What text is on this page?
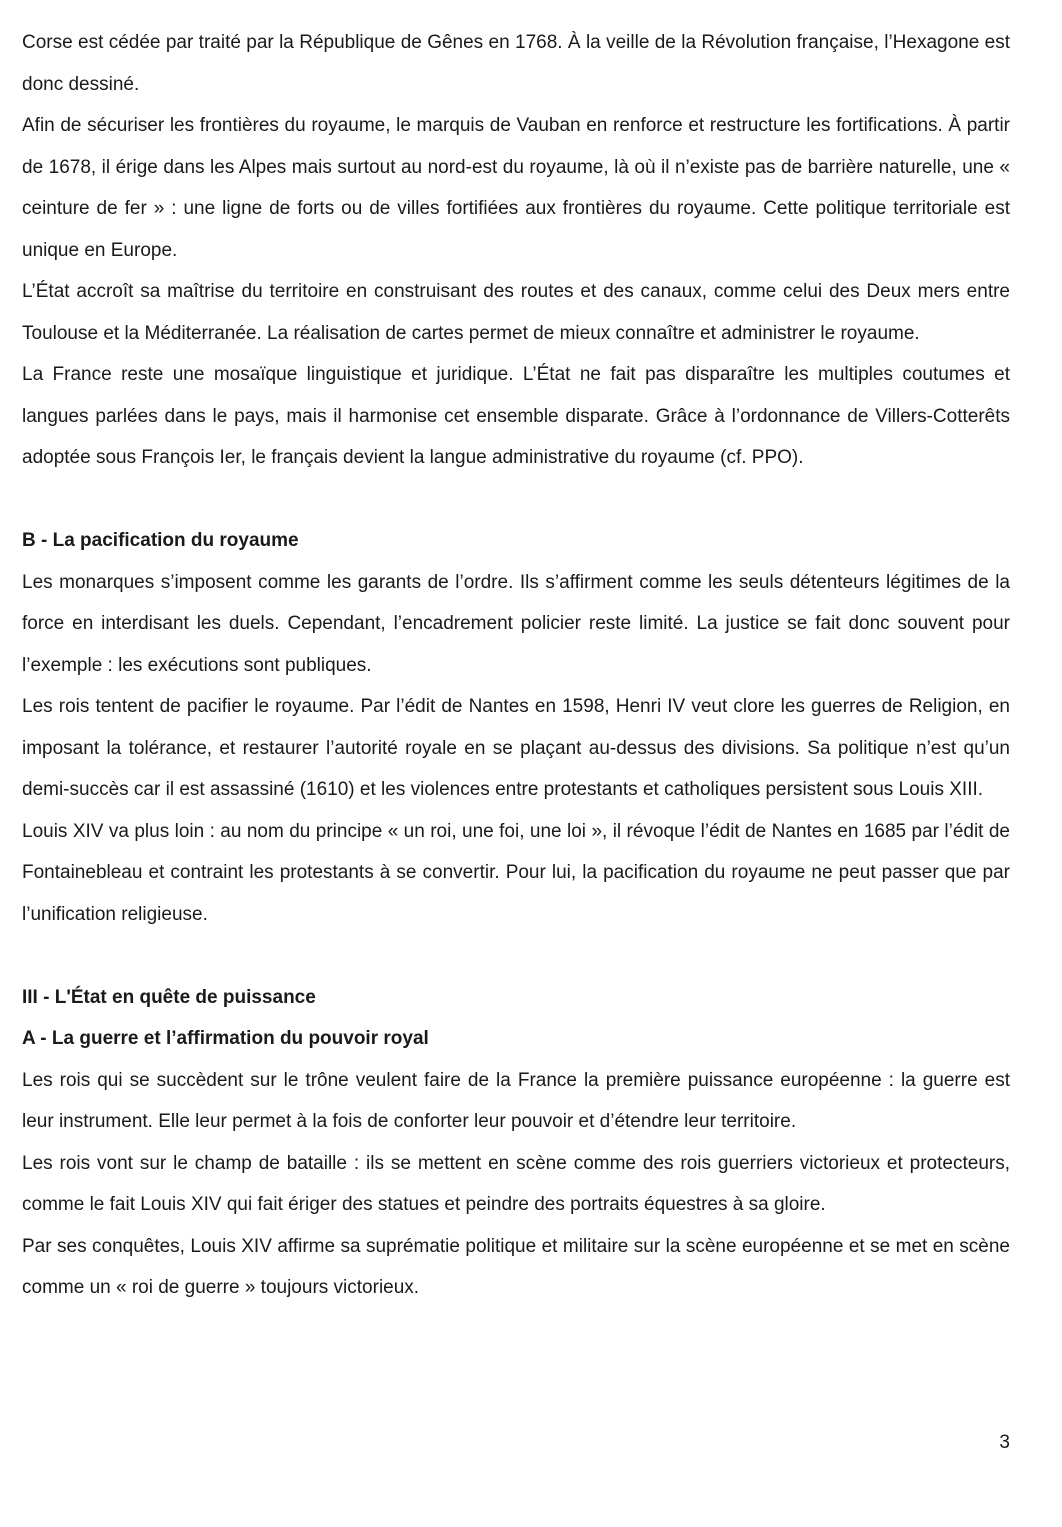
Corse est cédée par traité par la République de Gênes en 1768. À la veille de la Révolution française, l’Hexagone est donc dessiné.

Afin de sécuriser les frontières du royaume, le marquis de Vauban en renforce et restructure les fortifications. À partir de 1678, il érige dans les Alpes mais surtout au nord-est du royaume, là où il n’existe pas de barrière naturelle, une « ceinture de fer » : une ligne de forts ou de villes fortifiées aux frontières du royaume. Cette politique territoriale est unique en Europe.

L’État accroît sa maîtrise du territoire en construisant des routes et des canaux, comme celui des Deux mers entre Toulouse et la Méditerranée. La réalisation de cartes permet de mieux connaître et administrer le royaume.

La France reste une mosaïque linguistique et juridique. L’État ne fait pas disparaître les multiples coutumes et langues parlées dans le pays, mais il harmonise cet ensemble disparate. Grâce à l’ordonnance de Villers-Cotterêts adoptée sous François Ier, le français devient la langue administrative du royaume (cf. PPO).

B - La pacification du royaume

Les monarques s’imposent comme les garants de l’ordre. Ils s’affirment comme les seuls détenteurs légitimes de la force en interdisant les duels. Cependant, l’encadrement policier reste limité. La justice se fait donc souvent pour l’exemple : les exécutions sont publiques.

Les rois tentent de pacifier le royaume. Par l’édit de Nantes en 1598, Henri IV veut clore les guerres de Religion, en imposant la tolérance, et restaurer l’autorité royale en se plaçant au-dessus des divisions. Sa politique n’est qu’un demi-succès car il est assassiné (1610) et les violences entre protestants et catholiques persistent sous Louis XIII.

Louis XIV va plus loin : au nom du principe « un roi, une foi, une loi », il révoque l’édit de Nantes en 1685 par l’édit de Fontainebleau et contraint les protestants à se convertir. Pour lui, la pacification du royaume ne peut passer que par l’unification religieuse.

III - L'État en quête de puissance
A - La guerre et l’affirmation du pouvoir royal

Les rois qui se succèdent sur le trône veulent faire de la France la première puissance européenne : la guerre est leur instrument. Elle leur permet à la fois de conforter leur pouvoir et d’étendre leur territoire.

Les rois vont sur le champ de bataille : ils se mettent en scène comme des rois guerriers victorieux et protecteurs, comme le fait Louis XIV qui fait ériger des statues et peindre des portraits équestres à sa gloire.

Par ses conquêtes, Louis XIV affirme sa suprématie politique et militaire sur la scène européenne et se met en scène comme un « roi de guerre » toujours victorieux.

3
